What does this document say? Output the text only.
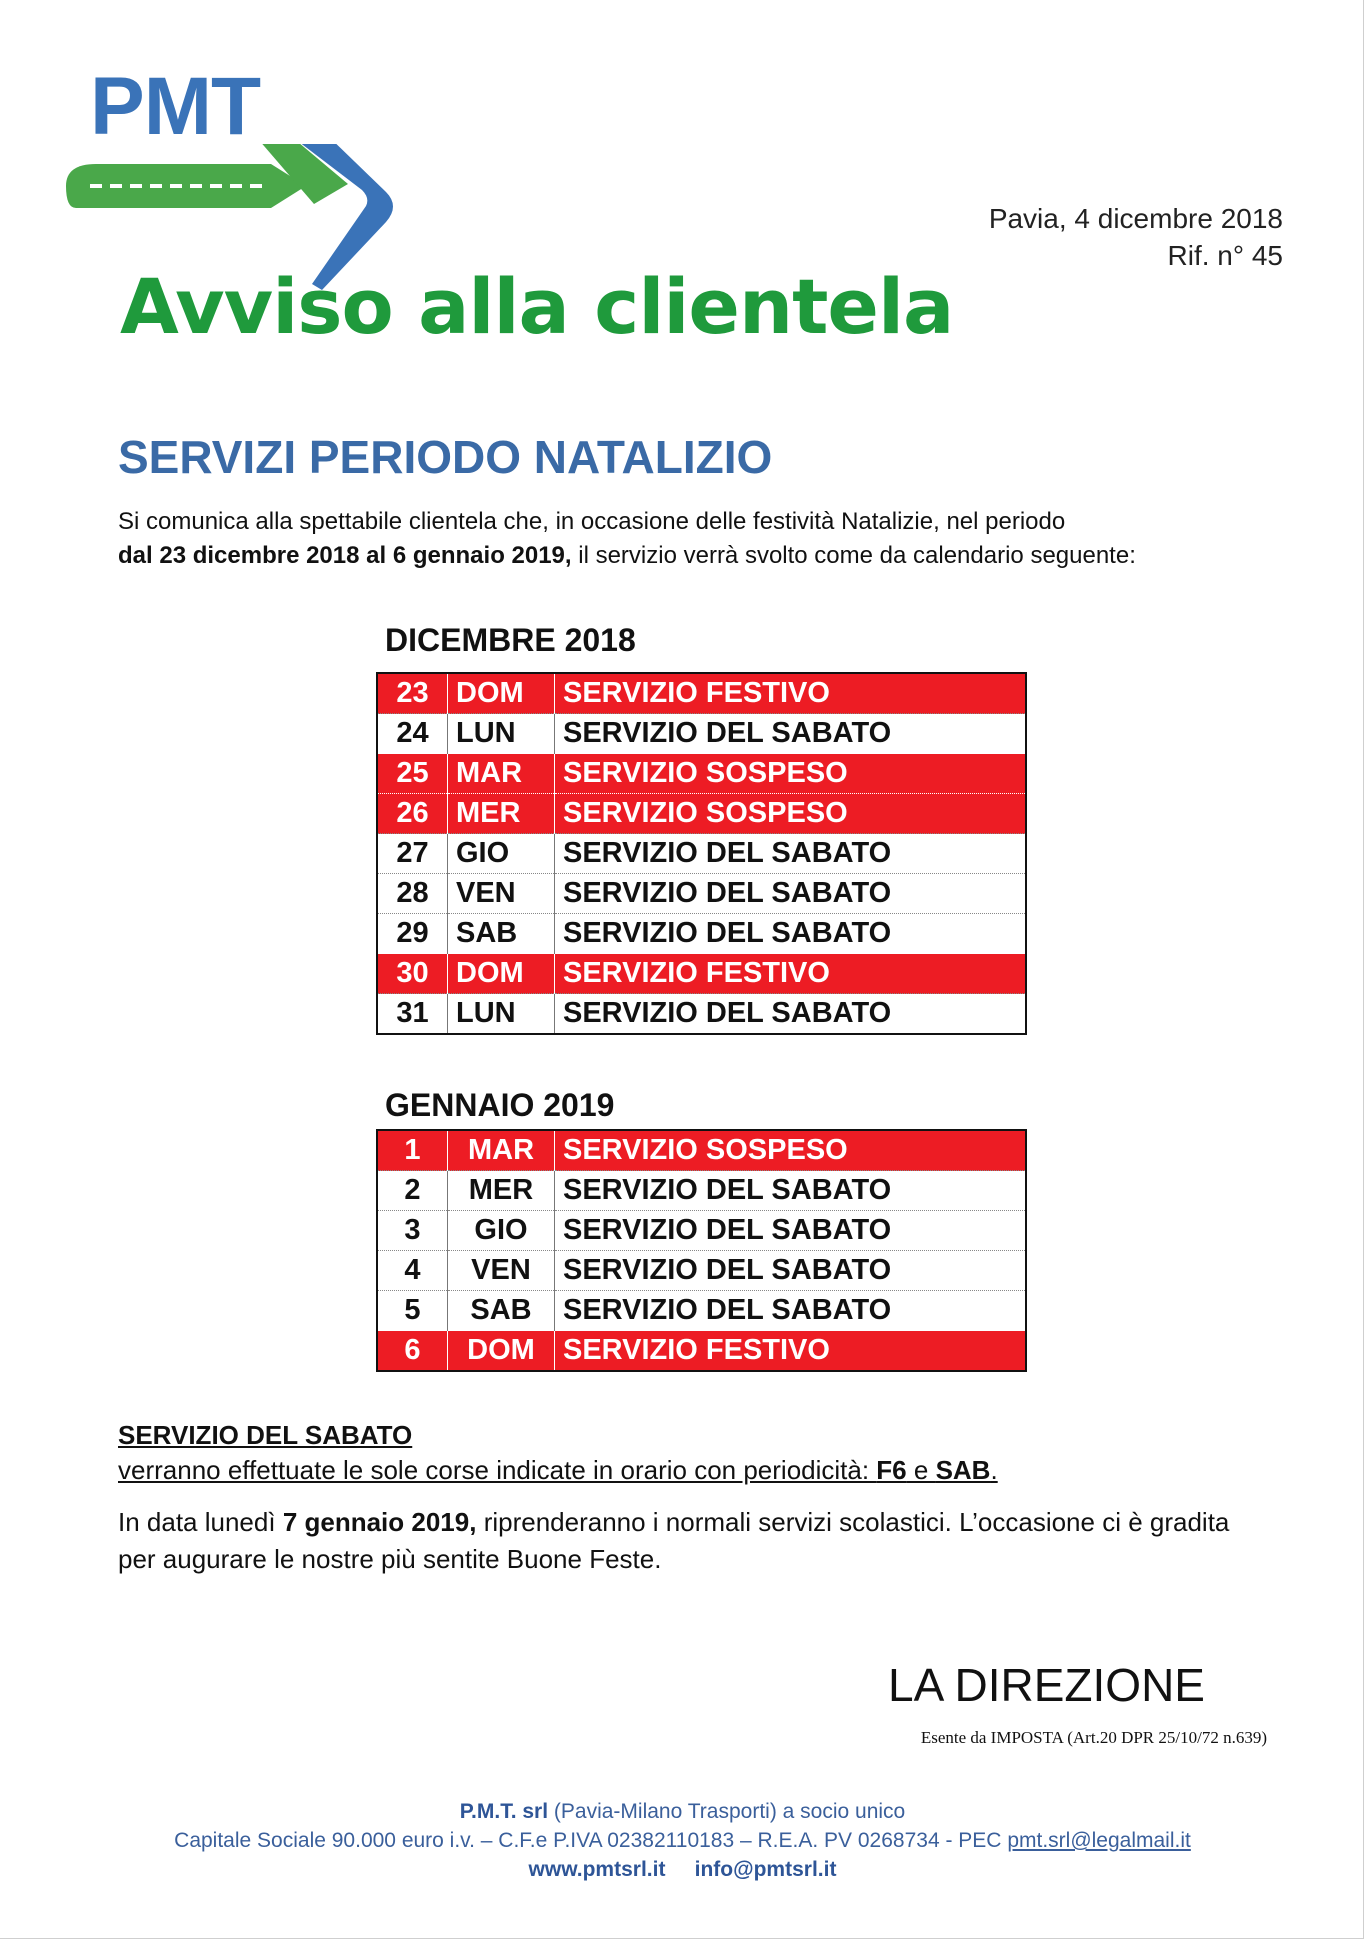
PMT
Pavia, 4 dicembre 2018
Rif. n° 45
Avviso alla clientela
SERVIZI PERIODO NATALIZIO
Si comunica alla spettabile clientela che, in occasione delle festività Natalizie, nel periodo
dal 23 dicembre 2018 al 6 gennaio 2019, il servizio verrà svolto come da calendario seguente:
DICEMBRE 2018
23	DOM	SERVIZIO FESTIVO
24	LUN	SERVIZIO DEL SABATO
25	MAR	SERVIZIO SOSPESO
26	MER	SERVIZIO SOSPESO
27	GIO	SERVIZIO DEL SABATO
28	VEN	SERVIZIO DEL SABATO
29	SAB	SERVIZIO DEL SABATO
30	DOM	SERVIZIO FESTIVO
31	LUN	SERVIZIO DEL SABATO
GENNAIO 2019
1	MAR	SERVIZIO SOSPESO
2	MER	SERVIZIO DEL SABATO
3	GIO	SERVIZIO DEL SABATO
4	VEN	SERVIZIO DEL SABATO
5	SAB	SERVIZIO DEL SABATO
6	DOM	SERVIZIO FESTIVO
SERVIZIO DEL SABATO
verranno effettuate le sole corse indicate in orario con periodicità: F6 e SAB.
In data lunedì 7 gennaio 2019, riprenderanno i normali servizi scolastici. L’occasione ci è gradita per augurare le nostre più sentite Buone Feste.
LA DIREZIONE
Esente da IMPOSTA (Art.20 DPR 25/10/72 n.639)
P.M.T. srl (Pavia-Milano Trasporti) a socio unico
Capitale Sociale 90.000 euro i.v. – C.F.e P.IVA 02382110183 – R.E.A. PV 0268734 - PEC pmt.srl@legalmail.it
www.pmtsrl.it info@pmtsrl.it
